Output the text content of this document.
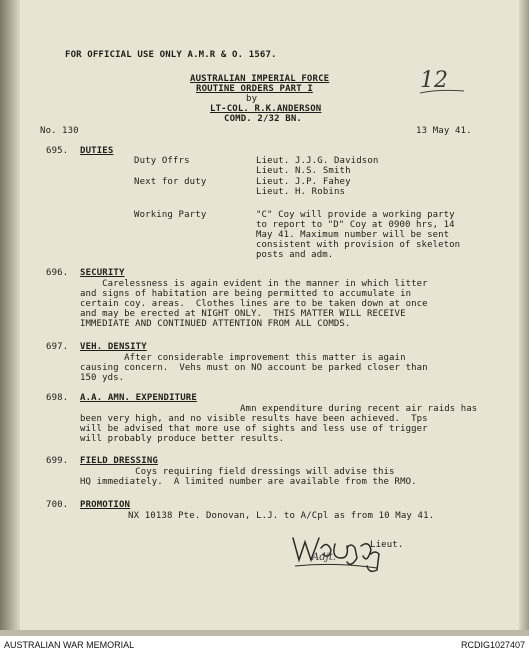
FOR OFFICIAL USE ONLY A.M.R & O. 1567.
AUSTRALIAN IMPERIAL FORCE
ROUTINE ORDERS PART I
by
LT-COL. R.K.ANDERSON
COMD. 2/32 BN.
12
No. 130	13 May 41.
695. DUTIES
Duty Offrs	Lieut. J.J.G. Davidson
Lieut. N.S. Smith
Next for duty	Lieut. J.P. Fahey
Lieut. H. Robins
Working Party	"C" Coy will provide a working party
to report to "D" Coy at 0900 hrs, 14
May 41. Maximum number will be sent
consistent with provision of skeleton
posts and adm.
696. SECURITY
Carelessness is again evident in the manner in which litter
and signs of habitation are being permitted to accumulate in
certain coy. areas.  Clothes lines are to be taken down at once
and may be erected at NIGHT ONLY.  THIS MATTER WILL RECEIVE
IMMEDIATE AND CONTINUED ATTENTION FROM ALL COMDS.
697. VEH. DENSITY
After considerable improvement this matter is again
causing concern.  Vehs must on NO account be parked closer than
150 yds.
698. A.A. AMN. EXPENDITURE
Amn expenditure during recent air raids has
been very high, and no visible results have been achieved.  Tps
will be advised that more use of sights and less use of trigger
will probably produce better results.
699. FIELD DRESSING
Coys requiring field dressings will advise this
HQ immediately.  A limited number are available from the RMO.
700. PROMOTION
NX 10138 Pte. Donovan, L.J. to A/Cpl as from 10 May 41.
Lieut.
Adjt.
AUSTRALIAN WAR MEMORIAL	RCDIG1027407
